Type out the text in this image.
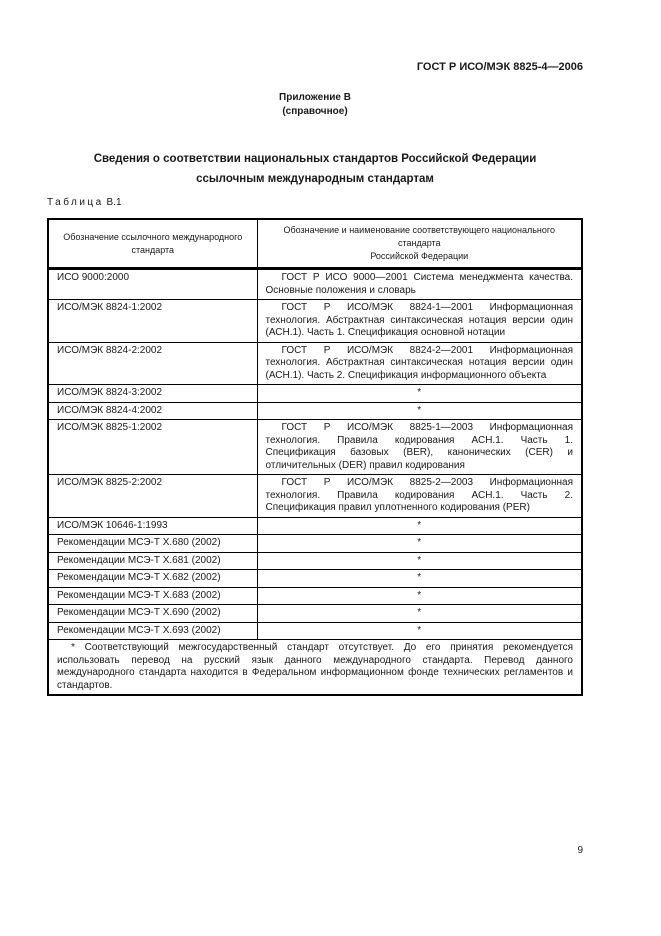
ГОСТ Р ИСО/МЭК 8825-4—2006
Приложение В
(справочное)
Сведения о соответствии национальных стандартов Российской Федерации
ссылочным международным стандартам
Таблица В.1
Обозначение ссылочного международного
стандарта	Обозначение и наименование соответствующего национального стандарта
Российской Федерации

ИСО 9000:2000	ГОСТ Р ИСО 9000—2001 Система менеджмента качества. Основные положения и словарь
ИСО/МЭК 8824-1:2002	ГОСТ Р ИСО/МЭК 8824-1—2001 Информационная технология. Абстрактная синтаксическая нотация версии один (АСН.1). Часть 1. Спецификация основной нотации
ИСО/МЭК 8824-2:2002	ГОСТ Р ИСО/МЭК 8824-2—2001 Информационная технология. Абстрактная синтаксическая нотация версии один (АСН.1). Часть 2. Спецификация информационного объекта
ИСО/МЭК 8824-3:2002	*
ИСО/МЭК 8824-4:2002	*
ИСО/МЭК 8825-1:2002	ГОСТ Р ИСО/МЭК 8825-1—2003 Информационная технология. Правила кодирования АСН.1. Часть 1. Спецификация базовых (BER), канонических (CER) и отличительных (DER) правил кодирования
ИСО/МЭК 8825-2:2002	ГОСТ Р ИСО/МЭК 8825-2—2003 Информационная технология. Правила кодирования АСН.1. Часть 2. Спецификация правил уплотненного кодирования (PER)
ИСО/МЭК 10646-1:1993	*
Рекомендации МСЭ-Т Х.680 (2002)	*
Рекомендации МСЭ-Т Х.681 (2002)	*
Рекомендации МСЭ-Т Х.682 (2002)	*
Рекомендации МСЭ-Т Х.683 (2002)	*
Рекомендации МСЭ-Т Х.690 (2002)	*
Рекомендации МСЭ-Т Х.693 (2002)	*
* Соответствующий межгосударственный стандарт отсутствует. До его принятия рекомендуется использовать перевод на русский язык данного международного стандарта. Перевод данного международного стандарта находится в Федеральном информационном фонде технических регламентов и стандартов.	
9
